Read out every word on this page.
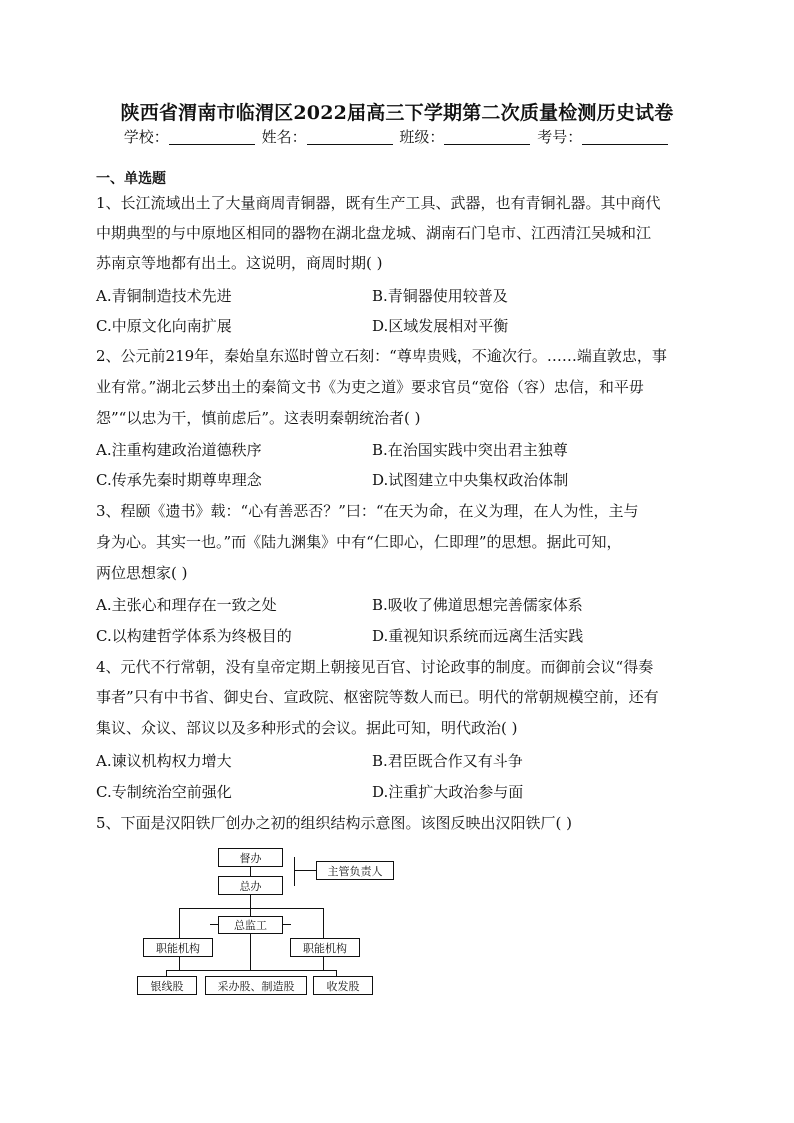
陕西省渭南市临渭区2022届高三下学期第二次质量检测历史试卷
学校：	姓名：	班级：	考号：
一、单选题
1、长江流域出土了大量商周青铜器，既有生产工具、武器，也有青铜礼器。其中商代
中期典型的与中原地区相同的器物在湖北盘龙城、湖南石门皂市、江西清江吴城和江
苏南京等地都有出土。这说明，商周时期( )
A.青铜制造技术先进	B.青铜器使用较普及
C.中原文化向南扩展	D.区域发展相对平衡
2、公元前219年，秦始皇东巡时曾立石刻：“尊卑贵贱，不逾次行。……端直敦忠，事
业有常。”湖北云梦出土的秦简文书《为吏之道》要求官员“宽俗（容）忠信，和平毋
怨”“以忠为干，慎前虑后”。这表明秦朝统治者( )
A.注重构建政治道德秩序	B.在治国实践中突出君主独尊
C.传承先秦时期尊卑理念	D.试图建立中央集权政治体制
3、程颐《遗书》载：“心有善恶否？”曰：“在天为命，在义为理，在人为性，主与
身为心。其实一也。”而《陆九渊集》中有“仁即心，仁即理”的思想。据此可知，
两位思想家( )
A.主张心和理存在一致之处	B.吸收了佛道思想完善儒家体系
C.以构建哲学体系为终极目的	D.重视知识系统而远离生活实践
4、元代不行常朝，没有皇帝定期上朝接见百官、讨论政事的制度。而御前会议“得奏
事者”只有中书省、御史台、宣政院、枢密院等数人而已。明代的常朝规模空前，还有
集议、众议、部议以及多种形式的会议。据此可知，明代政治( )
A.谏议机构权力增大	B.君臣既合作又有斗争
C.专制统治空前强化	D.注重扩大政治参与面
5、下面是汉阳铁厂创办之初的组织结构示意图。该图反映出汉阳铁厂( )
督办
总办
主管负责人
总监工
职能机构	职能机构
银线股	采办股、制造股	收发股
